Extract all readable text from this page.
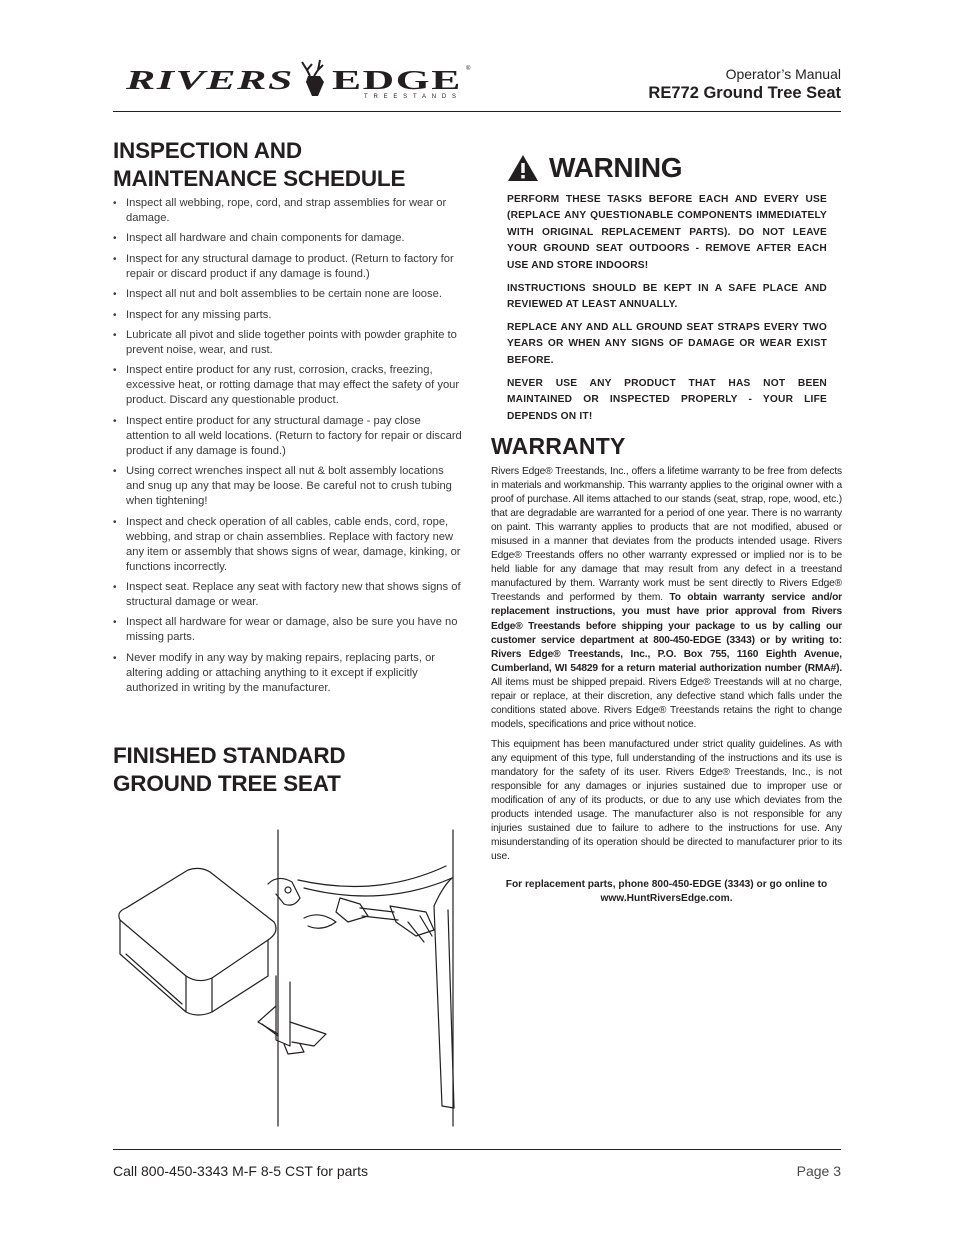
RIVERS EDGE ®
TREESTANDS
Operator’s Manual
RE772 Ground Tree Seat
INSPECTION AND
MAINTENANCE SCHEDULE
• Inspect all webbing, rope, cord, and strap assemblies for wear or damage.
• Inspect all hardware and chain components for damage.
• Inspect for any structural damage to product. (Return to factory for repair or discard product if any damage is found.)
• Inspect all nut and bolt assemblies to be certain none are loose.
• Inspect for any missing parts.
• Lubricate all pivot and slide together points with powder graphite to prevent noise, wear, and rust.
• Inspect entire product for any rust, corrosion, cracks, freezing, excessive heat, or rotting damage that may effect the safety of your product. Discard any questionable product.
• Inspect entire product for any structural damage - pay close attention to all weld locations. (Return to factory for repair or discard product if any damage is found.)
• Using correct wrenches inspect all nut & bolt assembly locations and snug up any that may be loose. Be careful not to crush tubing when tightening!
• Inspect and check operation of all cables, cable ends, cord, rope, webbing, and strap or chain assemblies. Replace with factory new any item or assembly that shows signs of wear, damage, kinking, or functions incorrectly.
• Inspect seat. Replace any seat with factory new that shows signs of structural damage or wear.
• Inspect all hardware for wear or damage, also be sure you have no missing parts.
• Never modify in any way by making repairs, replacing parts, or altering adding or attaching anything to it except if explicitly authorized in writing by the manufacturer.
FINISHED STANDARD
GROUND TREE SEAT
WARNING

PERFORM THESE TASKS BEFORE EACH AND EVERY USE (REPLACE ANY QUESTIONABLE COMPONENTS IMMEDIATELY WITH ORIGINAL REPLACEMENT PARTS). DO NOT LEAVE YOUR GROUND SEAT OUTDOORS - REMOVE AFTER EACH USE AND STORE INDOORS!

INSTRUCTIONS SHOULD BE KEPT IN A SAFE PLACE AND REVIEWED AT LEAST ANNUALLY.

REPLACE ANY AND ALL GROUND SEAT STRAPS EVERY TWO YEARS OR WHEN ANY SIGNS OF DAMAGE OR WEAR EXIST BEFORE.

NEVER USE ANY PRODUCT THAT HAS NOT BEEN MAINTAINED OR INSPECTED PROPERLY - YOUR LIFE DEPENDS ON IT!

WARRANTY

Rivers Edge® Treestands, Inc., offers a lifetime warranty to be free from defects in materials and workmanship. This warranty applies to the original owner with a proof of purchase. All items attached to our stands (seat, strap, rope, wood, etc.) that are degradable are warranted for a period of one year. There is no warranty on paint. This warranty applies to products that are not modified, abused or misused in a manner that deviates from the products intended usage. Rivers Edge® Treestands offers no other warranty expressed or implied nor is to be held liable for any damage that may result from any defect in a treestand manufactured by them. Warranty work must be sent directly to Rivers Edge® Treestands and performed by them. To obtain warranty service and/or replacement instructions, you must have prior approval from Rivers Edge® Treestands before shipping your package to us by calling our customer service department at 800-450-EDGE (3343) or by writing to: Rivers Edge® Treestands, Inc., P.O. Box 755, 1160 Eighth Avenue, Cumberland, WI 54829 for a return material authorization number (RMA#). All items must be shipped prepaid. Rivers Edge® Treestands will at no charge, repair or replace, at their discretion, any defective stand which falls under the conditions stated above. Rivers Edge® Treestands retains the right to change models, specifications and price without notice.

This equipment has been manufactured under strict quality guidelines. As with any equipment of this type, full understanding of the instructions and its use is mandatory for the safety of its user. Rivers Edge® Treestands, Inc., is not responsible for any damages or injuries sustained due to improper use or modification of any of its products, or due to any use which deviates from the products intended usage. The manufacturer also is not responsible for any injuries sustained due to failure to adhere to the instructions for use. Any misunderstanding of its operation should be directed to manufacturer prior to its use.

For replacement parts, phone 800-450-EDGE (3343) or go online to
www.HuntRiversEdge.com.

Call 800-450-3343 M-F 8-5 CST for parts	Page 3
